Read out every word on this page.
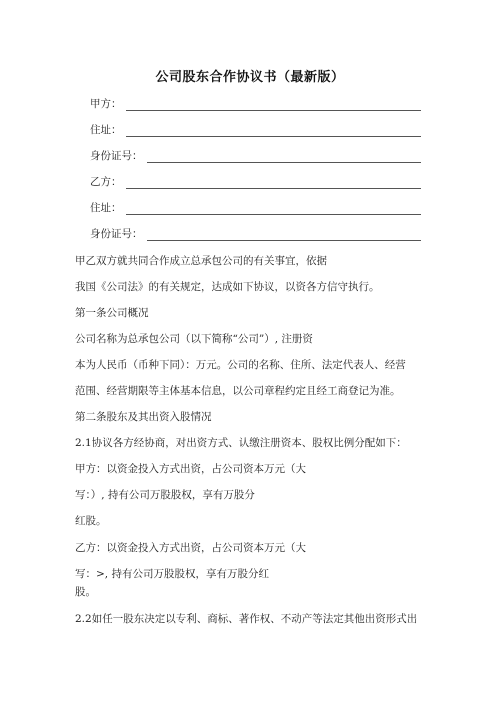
公司股东合作协议书（最新版）
甲方：
住址：
身份证号：
乙方：
住址：
身份证号：
甲乙双方就共同合作成立总承包公司的有关事宜，依据
我国《公司法》的有关规定，达成如下协议，以资各方信守执行。
第一条公司概况
公司名称为总承包公司（以下简称“公司”）, 注册资
本为人民币（币种下同）：万元。公司的名称、住所、法定代表人、经营
范围、经营期限等主体基本信息，以公司章程约定且经工商登记为准。
第二条股东及其出资入股情况
2.1协议各方经协商，对出资方式、认缴注册资本、股权比例分配如下：
甲方：以资金投入方式出资，占公司资本万元（大
写：）, 持有公司万股股权，享有万股分
红股。
乙方：以资金投入方式出资，占公司资本万元（大
写：>, 持有公司万股股权，享有万股分红
股。
2.2如任一股东决定以专利、商标、著作权、不动产等法定其他出资形式出
